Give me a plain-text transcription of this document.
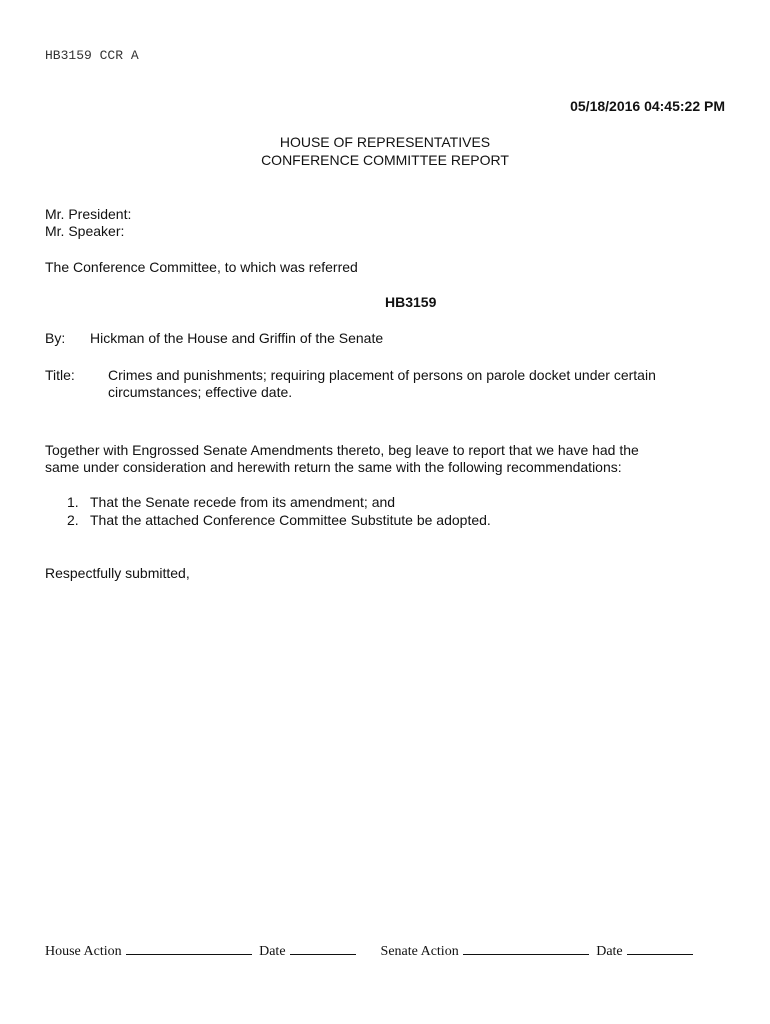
HB3159 CCR A
05/18/2016 04:45:22 PM
HOUSE OF REPRESENTATIVES
CONFERENCE COMMITTEE REPORT
Mr. President:
Mr. Speaker:
The Conference Committee, to which was referred
HB3159
By: Hickman of the House and Griffin of the Senate
Title: Crimes and punishments; requiring placement of persons on parole docket under certain
circumstances; effective date.
Together with Engrossed Senate Amendments thereto, beg leave to report that we have had the
same under consideration and herewith return the same with the following recommendations:
1. That the Senate recede from its amendment; and
2. That the attached Conference Committee Substitute be adopted.
Respectfully submitted,
House Action	Date	Senate Action	Date
